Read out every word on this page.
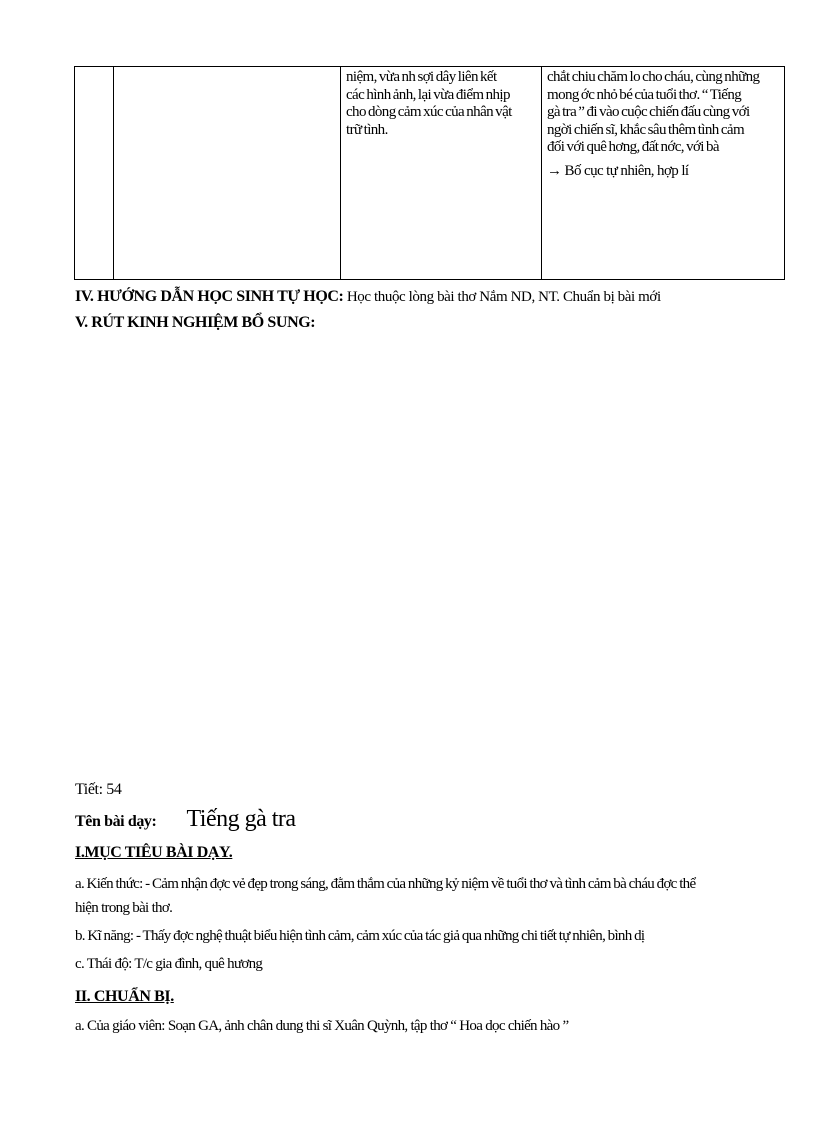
niệm, vừa nh sợi dây liên kết
các hình ảnh, lại vừa điểm nhịp
cho dòng cảm xúc của nhân vật
trữ tình.

chắt chiu chăm lo cho cháu, cùng những
mong ớc nhỏ bé của tuổi thơ. “ Tiếng
gà tra ” đi vào cuộc chiến đấu cùng với
ngời chiến sĩ, khắc sâu thêm tình cảm
đối với quê hơng, đất nớc, với bà
→ Bố cục tự nhiên, hợp lí
IV. HƯỚNG DẪN HỌC SINH TỰ HỌC: Học thuộc lòng bài thơ Nắm ND, NT. Chuẩn bị bài mới
V. RÚT KINH NGHIỆM BỔ SUNG:
Tiết: 54
Tên bài dạy: Tiếng gà tra
I.MỤC TIÊU BÀI DẠY.
a. Kiến thức: - Cảm nhận đợc vẻ đẹp trong sáng, đằm thắm của những kỷ niệm về tuổi thơ và tình cảm bà cháu đợc thể
hiện trong bài thơ.
b. Kĩ năng: - Thấy đợc nghệ thuật biểu hiện tình cảm, cảm xúc của tác giả qua những chi tiết tự nhiên, bình dị
c. Thái độ: T/c gia đình, quê hương
II. CHUẨN BỊ.
a. Của giáo viên: Soạn GA, ảnh chân dung thi sĩ Xuân Quỳnh, tập thơ “ Hoa dọc chiến hào ”
